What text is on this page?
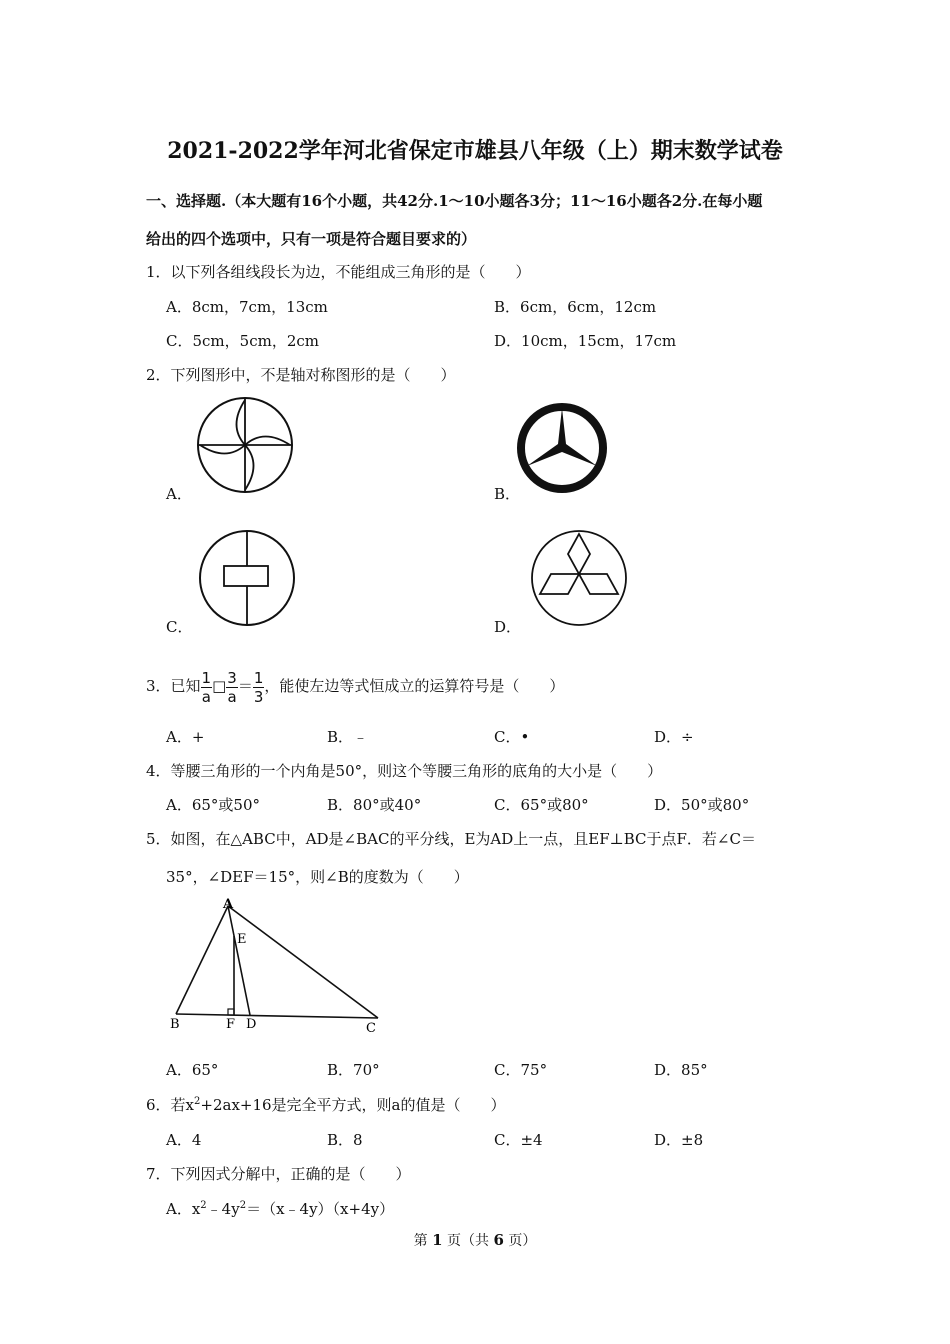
2021-2022学年河北省保定市雄县八年级（上）期末数学试卷
一、选择题.（本大题有16个小题，共42分.1～10小题各3分；11～16小题各2分.在每小题
给出的四个选项中，只有一项是符合题目要求的）
1．以下列各组线段长为边，不能组成三角形的是（　　）
A．8cm，7cm，13cm	B．6cm，6cm，12cm
C．5cm，5cm，2cm	D．10cm，15cm，17cm
2．下列图形中，不是轴对称图形的是（　　）
A．	B．
C．	D．
3．已知 $\frac{1}{a}$ □ $\frac{3}{a} = \frac{1}{3}$ ，能使左边等式恒成立的运算符号是（　　）
A．+	B．﹣	C．•	D．÷
4．等腰三角形的一个内角是50°，则这个等腰三角形的底角的大小是（　　）
A．65°或50°	B．80°或40°	C．65°或80°	D．50°或80°
5．如图，在△ABC中，AD是∠BAC的平分线，E为AD上一点，且EF⊥BC于点F．若∠C＝
35°，∠DEF＝15°，则∠B的度数为（　　）
A
E
B	F D	C
A．65°	B．70°	C．75°	D．85°
6．若$x^2+2ax+16$是完全平方式，则a的值是（　　）
A．4	B．8	C．±4	D．±8
7．下列因式分解中，正确的是（　　）
A．$x^2﹣4y^2=(x﹣4y)(x+4y)$
第 1 页（共 6 页）
